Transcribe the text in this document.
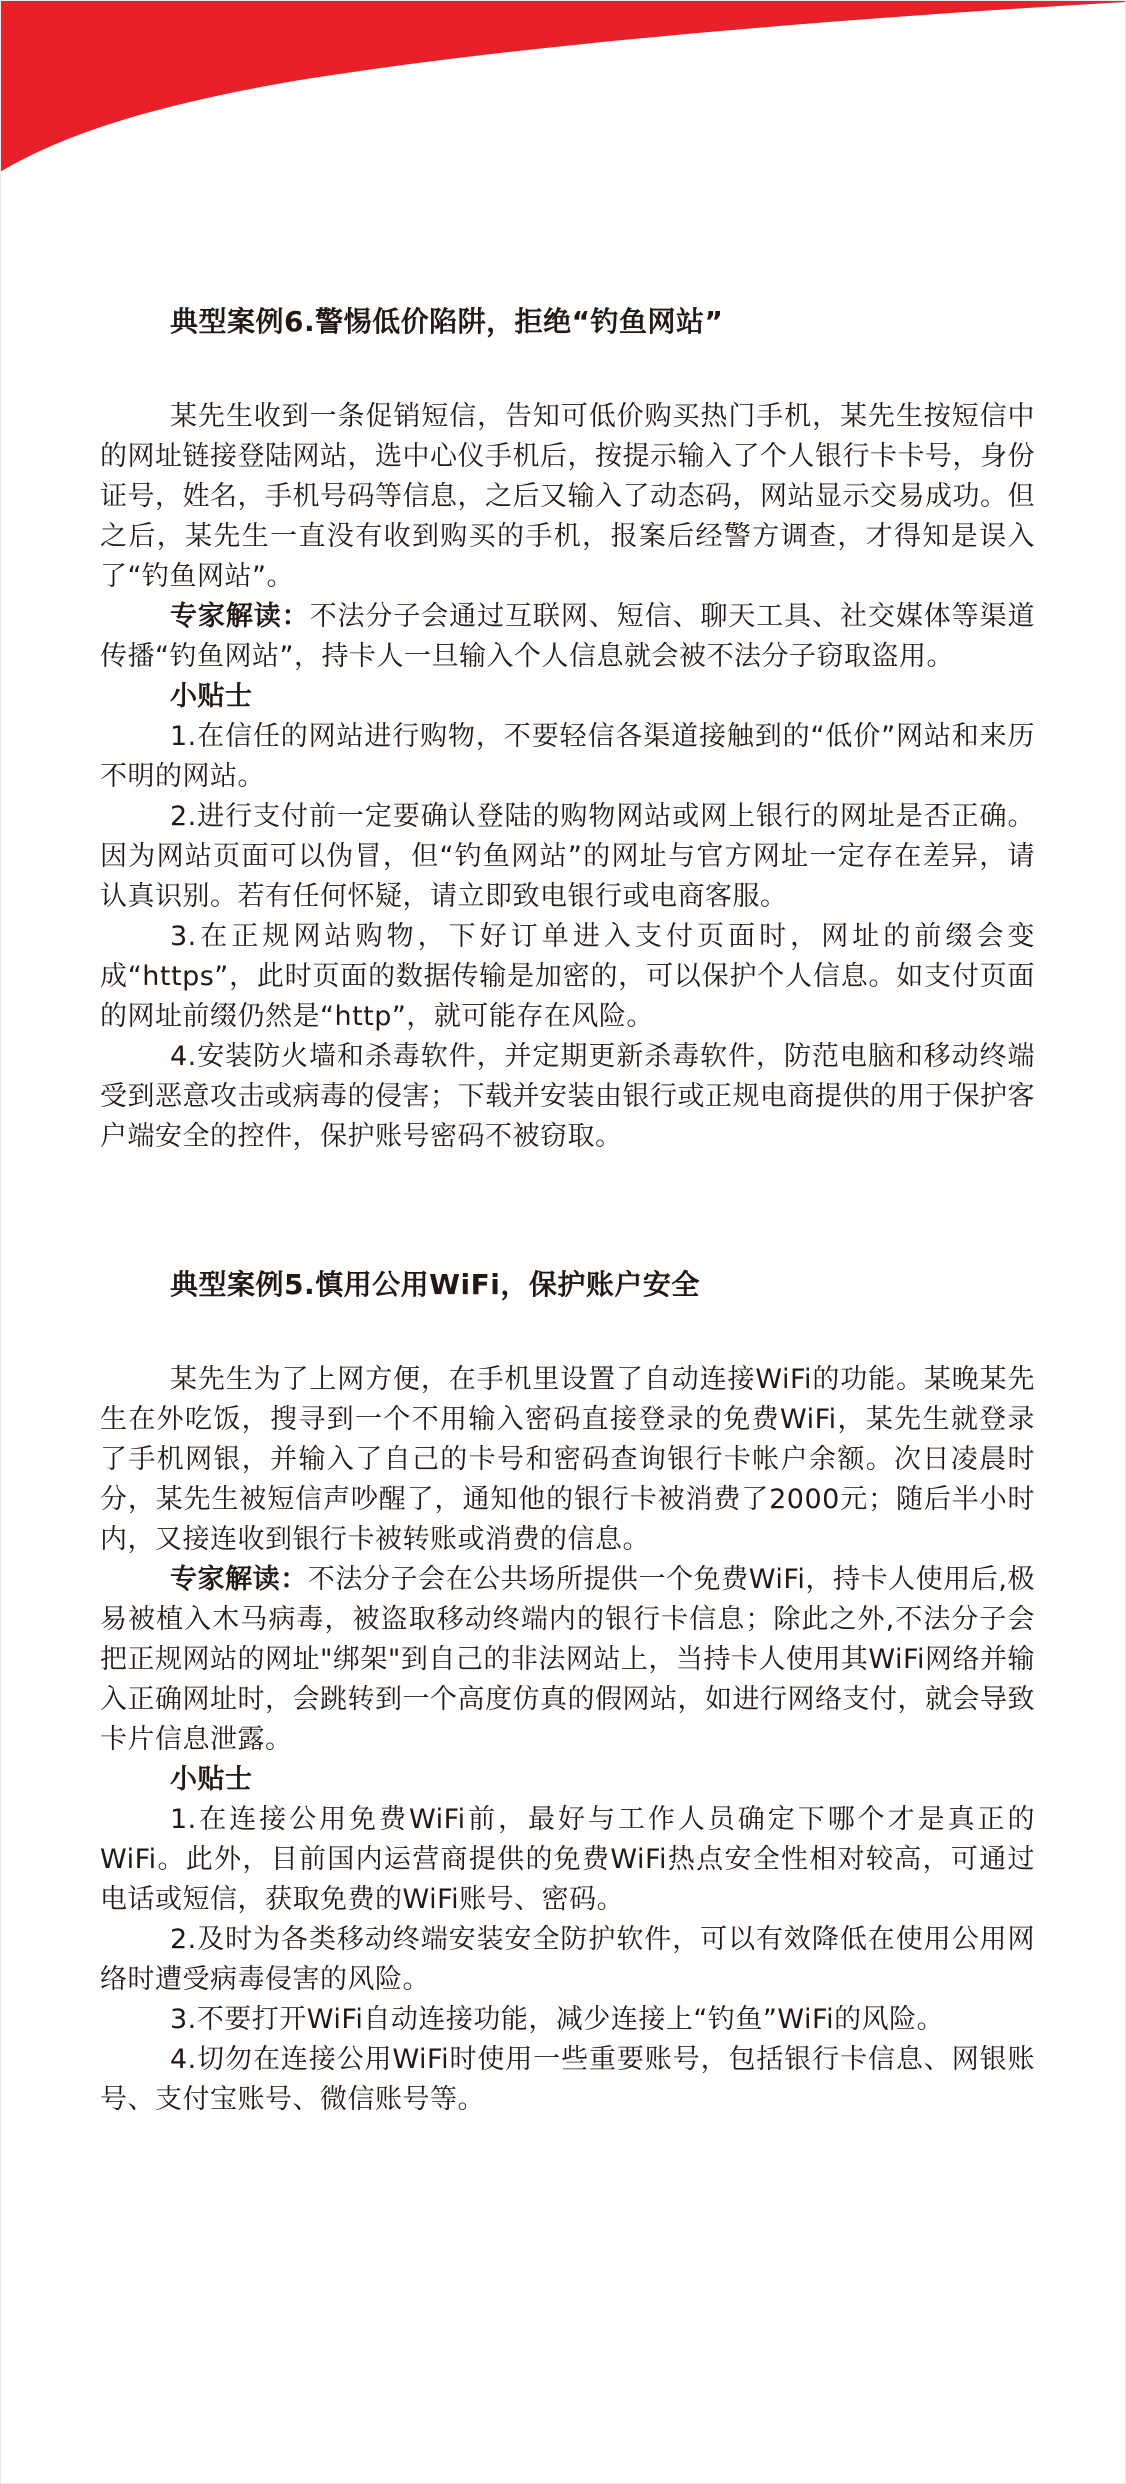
典型案例6.警惕低价陷阱，拒绝“钓鱼网站”

某先生收到一条促销短信，告知可低价购买热门手机，某先生按短信中的网址链接登陆网站，选中心仪手机后，按提示输入了个人银行卡卡号，身份证号，姓名，手机号码等信息，之后又输入了动态码，网站显示交易成功。但之后，某先生一直没有收到购买的手机，报案后经警方调查，才得知是误入了“钓鱼网站”。

专家解读：不法分子会通过互联网、短信、聊天工具、社交媒体等渠道传播“钓鱼网站”，持卡人一旦输入个人信息就会被不法分子窃取盗用。

小贴士

1.在信任的网站进行购物，不要轻信各渠道接触到的“低价”网站和来历不明的网站。

2.进行支付前一定要确认登陆的购物网站或网上银行的网址是否正确。因为网站页面可以伪冒，但“钓鱼网站”的网址与官方网址一定存在差异，请认真识别。若有任何怀疑，请立即致电银行或电商客服。

3.在正规网站购物，下好订单进入支付页面时，网址的前缀会变成“https”，此时页面的数据传输是加密的，可以保护个人信息。如支付页面的网址前缀仍然是“http”，就可能存在风险。

4.安装防火墙和杀毒软件，并定期更新杀毒软件，防范电脑和移动终端受到恶意攻击或病毒的侵害；下载并安装由银行或正规电商提供的用于保护客户端安全的控件，保护账号密码不被窃取。

典型案例5.慎用公用WiFi，保护账户安全

某先生为了上网方便，在手机里设置了自动连接WiFi的功能。某晚某先生在外吃饭，搜寻到一个不用输入密码直接登录的免费WiFi，某先生就登录了手机网银，并输入了自己的卡号和密码查询银行卡帐户余额。次日凌晨时分，某先生被短信声吵醒了，通知他的银行卡被消费了2000元；随后半小时内，又接连收到银行卡被转账或消费的信息。

专家解读：不法分子会在公共场所提供一个免费WiFi，持卡人使用后,极易被植入木马病毒，被盗取移动终端内的银行卡信息；除此之外,不法分子会把正规网站的网址"绑架"到自己的非法网站上，当持卡人使用其WiFi网络并输入正确网址时，会跳转到一个高度仿真的假网站，如进行网络支付，就会导致卡片信息泄露。

小贴士

1.在连接公用免费WiFi前，最好与工作人员确定下哪个才是真正的WiFi。此外，目前国内运营商提供的免费WiFi热点安全性相对较高，可通过电话或短信，获取免费的WiFi账号、密码。

2.及时为各类移动终端安装安全防护软件，可以有效降低在使用公用网络时遭受病毒侵害的风险。

3.不要打开WiFi自动连接功能，减少连接上“钓鱼”WiFi的风险。

4.切勿在连接公用WiFi时使用一些重要账号，包括银行卡信息、网银账号、支付宝账号、微信账号等。
